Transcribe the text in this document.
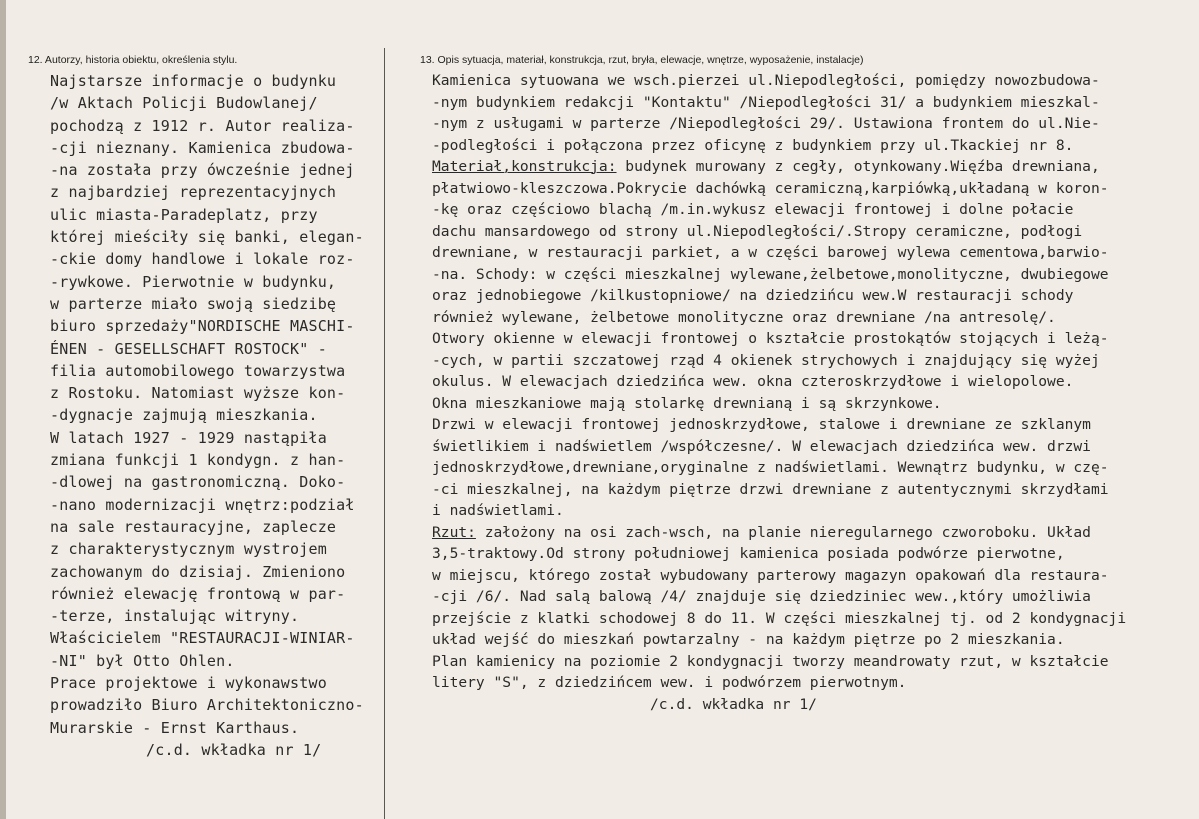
12. Autorzy, historia obiektu, określenia stylu.	13. Opis sytuacja, materiał, konstrukcja, rzut, bryła, elewacje, wnętrze, wyposażenie, instalacje)
Najstarsze informacje o budynku
/w Aktach Policji Budowlanej/
pochodzą z 1912 r. Autor realiza-
-cji nieznany. Kamienica zbudowa-
-na została przy ówcześnie jednej
z najbardziej reprezentacyjnych
ulic miasta-Paradeplatz, przy
której mieściły się banki, elegan-
-ckie domy handlowe i lokale roz-
-rywkowe. Pierwotnie w budynku,
w parterze miało swoją siedzibę
biuro sprzedaży"NORDISCHE MASCHI-
ÉNEN - GESELLSCHAFT ROSTOCK" -
filia automobilowego towarzystwa
z Rostoku. Natomiast wyższe kon-
-dygnacje zajmują mieszkania.
W latach 1927 - 1929 nastąpiła
zmiana funkcji 1 kondygn. z han-
-dlowej na gastronomiczną. Doko-
-nano modernizacji wnętrz:podział
na sale restauracyjne, zaplecze
z charakterystycznym wystrojem
zachowanym do dzisiaj. Zmieniono
również elewację frontową w par-
-terze, instalując witryny.
Właścicielem "RESTAURACJI-WINIAR-
-NI" był Otto Ohlen.
Prace projektowe i wykonawstwo
prowadziło Biuro Architektoniczno-
Murarskie - Ernst Karthaus.
/c.d. wkładka nr 1/
Kamienica sytuowana we wsch.pierzei ul.Niepodległości, pomiędzy nowozbudowa-
-nym budynkiem redakcji "Kontaktu" /Niepodległości 31/ a budynkiem mieszkal-
-nym z usługami w parterze /Niepodległości 29/. Ustawiona frontem do ul.Nie-
-podległości i połączona przez oficynę z budynkiem przy ul.Tkackiej nr 8.
Materiał,konstrukcja: budynek murowany z cegły, otynkowany.Więźba drewniana,
płatwiowo-kleszczowa.Pokrycie dachówką ceramiczną,karpiówką,układaną w koron-
-kę oraz częściowo blachą /m.in.wykusz elewacji frontowej i dolne połacie
dachu mansardowego od strony ul.Niepodległości/.Stropy ceramiczne, podłogi
drewniane, w restauracji parkiet, a w części barowej wylewa cementowa,barwio-
-na. Schody: w części mieszkalnej wylewane,żelbetowe,monolityczne, dwubiegowe
oraz jednobiegowe /kilkustopniowe/ na dziedzińcu wew.W restauracji schody
również wylewane, żelbetowe monolityczne oraz drewniane /na antresolę/.
Otwory okienne w elewacji frontowej o kształcie prostokątów stojących i leżą-
-cych, w partii szczatowej rząd 4 okienek strychowych i znajdujący się wyżej
okulus. W elewacjach dziedzińca wew. okna czteroskrzydłowe i wielopolowe.
Okna mieszkaniowe mają stolarkę drewnianą i są skrzynkowe.
Drzwi w elewacji frontowej jednoskrzydłowe, stalowe i drewniane ze szklanym
świetlikiem i nadświetlem /współczesne/. W elewacjach dziedzińca wew. drzwi
jednoskrzydłowe,drewniane,oryginalne z nadświetlami. Wewnątrz budynku, w czę-
-ci mieszkalnej, na każdym piętrze drzwi drewniane z autentycznymi skrzydłami
i nadświetlami.
Rzut: założony na osi zach-wsch, na planie nieregularnego czworoboku. Układ
3,5-traktowy.Od strony południowej kamienica posiada podwórze pierwotne,
w miejscu, którego został wybudowany parterowy magazyn opakowań dla restaura-
-cji /6/. Nad salą balową /4/ znajduje się dziedziniec wew.,który umożliwia
przejście z klatki schodowej 8 do 11. W części mieszkalnej tj. od 2 kondygnacji
układ wejść do mieszkań powtarzalny - na każdym piętrze po 2 mieszkania.
Plan kamienicy na poziomie 2 kondygnacji tworzy meandrowaty rzut, w kształcie
litery "S", z dziedzińcem wew. i podwórzem pierwotnym.
/c.d. wkładka nr 1/
